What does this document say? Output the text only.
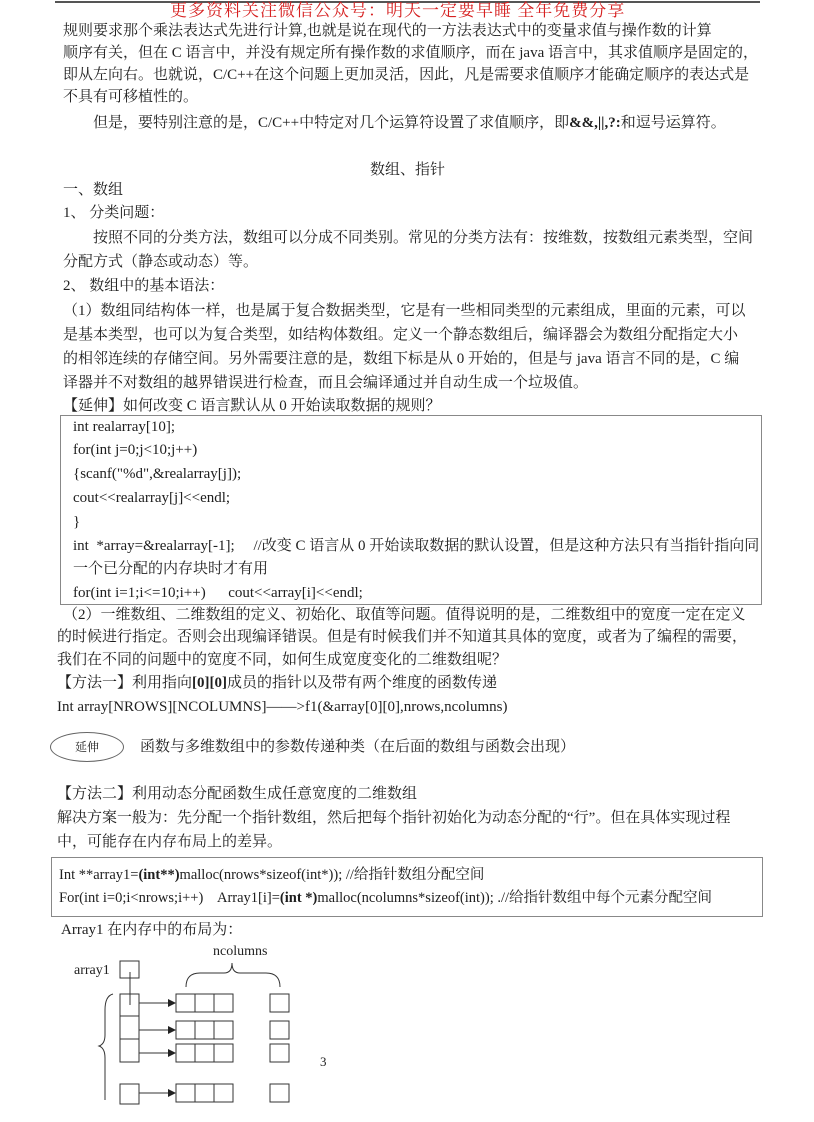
更多资料关注微信公众号：明天一定要早睡 全年免费分享
规则要求那个乘法表达式先进行计算,也就是说在现代的一方法表达式中的变量求值与操作数的计算
顺序有关，但在 C 语言中，并没有规定所有操作数的求值顺序，而在 java 语言中，其求值顺序是固定的，
即从左向右。也就说，C/C++在这个问题上更加灵活，因此，凡是需要求值顺序才能确定顺序的表达式是
不具有可移植性的。
但是，要特别注意的是，C/C++中特定对几个运算符设置了求值顺序，即&&,||,?:和逗号运算符。
数组、指针
一、数组
1、 分类问题：
按照不同的分类方法，数组可以分成不同类别。常见的分类方法有：按维数，按数组元素类型，空间
分配方式（静态或动态）等。
2、 数组中的基本语法：
（1）数组同结构体一样，也是属于复合数据类型，它是有一些相同类型的元素组成，里面的元素，可以
是基本类型，也可以为复合类型，如结构体数组。定义一个静态数组后，编译器会为数组分配指定大小
的相邻连续的存储空间。另外需要注意的是，数组下标是从 0 开始的，但是与 java 语言不同的是，C 编
译器并不对数组的越界错误进行检查，而且会编译通过并自动生成一个垃圾值。
【延伸】如何改变 C 语言默认从 0 开始读取数据的规则？
int realarray[10];
for(int j=0;j<10;j++)
{scanf("%d",&realarray[j]);
cout<<realarray[j]<<endl;
}
int  *array=&realarray[-1];     //改变 C 语言从 0 开始读取数据的默认设置，但是这种方法只有当指针指向同
一个已分配的内存块时才有用
for(int i=1;i<=10;i++)      cout<<array[i]<<endl;
（2）一维数组、二维数组的定义、初始化、取值等问题。值得说明的是，二维数组中的宽度一定在定义
的时候进行指定。否则会出现编译错误。但是有时候我们并不知道其具体的宽度，或者为了编程的需要，
我们在不同的问题中的宽度不同，如何生成宽度变化的二维数组呢？
【方法一】利用指向[0][0]成员的指针以及带有两个维度的函数传递
Int array[NROWS][NCOLUMNS]——>f1(&array[0][0],nrows,ncolumns)
延伸	函数与多维数组中的参数传递种类（在后面的数组与函数会出现）
【方法二】利用动态分配函数生成任意宽度的二维数组
解决方案一般为：先分配一个指针数组，然后把每个指针初始化为动态分配的“行”。但在具体实现过程
中，可能存在内存布局上的差异。
Int **array1=(int**)malloc(nrows*sizeof(int*)); //给指针数组分配空间
For(int i=0;i<nrows;i++)    Array1[i]=(int *)malloc(ncolumns*sizeof(int)); .//给指针数组中每个元素分配空间
Array1 在内存中的布局为：
ncolumns
array1
3
